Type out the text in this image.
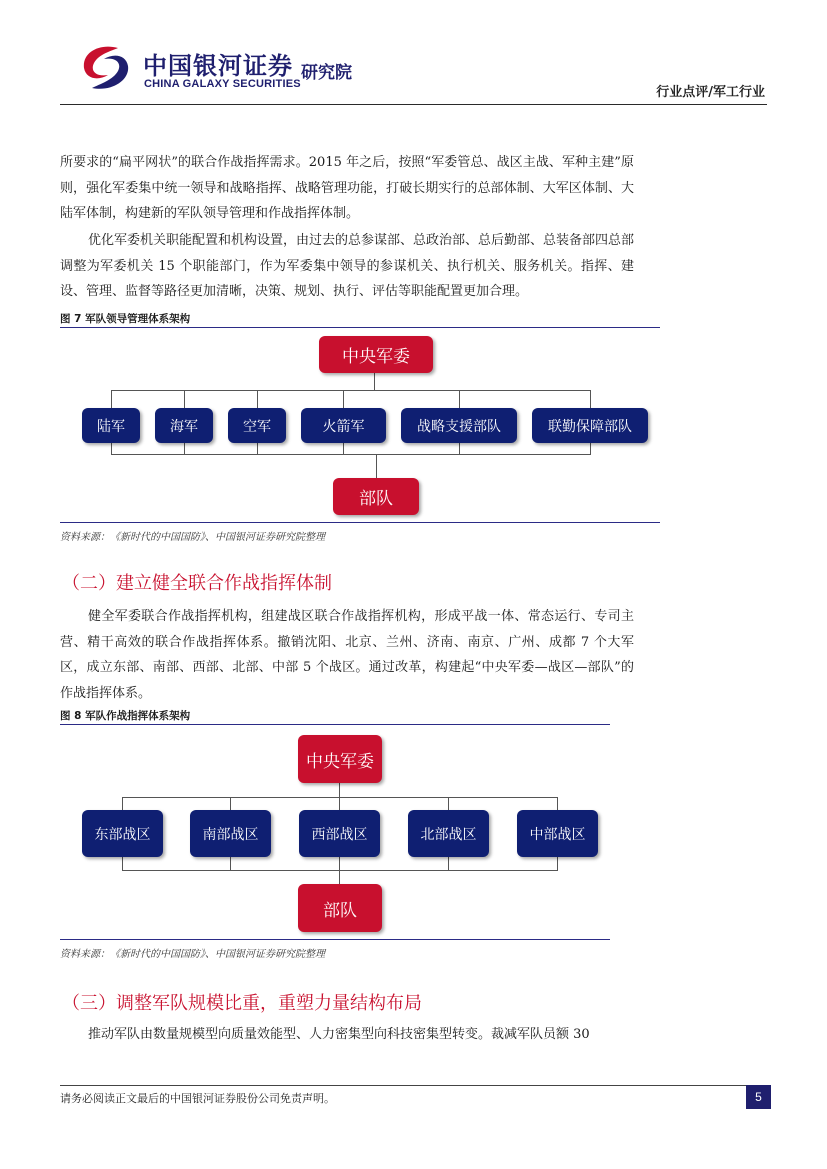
中国银河证券
CHINA GALAXY SECURITIES
研究院
行业点评/军工行业

所要求的“扁平网状”的联合作战指挥需求。2015 年之后，按照“军委管总、战区主战、军种主建”原则，强化军委集中统一领导和战略指挥、战略管理功能，打破长期实行的总部体制、大军区体制、大陆军体制，构建新的军队领导管理和作战指挥体制。

优化军委机关职能配置和机构设置，由过去的总参谋部、总政治部、总后勤部、总装备部四总部调整为军委机关 15 个职能部门，作为军委集中领导的参谋机关、执行机关、服务机关。指挥、建设、管理、监督等路径更加清晰，决策、规划、执行、评估等职能配置更加合理。

图 7 军队领导管理体系架构
中央军委
陆军	海军	空军	火箭军	战略支援部队	联勤保障部队
部队
资料来源：《新时代的中国国防》、中国银河证券研究院整理
（二）建立健全联合作战指挥体制

健全军委联合作战指挥机构，组建战区联合作战指挥机构，形成平战一体、常态运行、专司主营、精干高效的联合作战指挥体系。撤销沈阳、北京、兰州、济南、南京、广州、成都 7 个大军区，成立东部、南部、西部、北部、中部 5 个战区。通过改革，构建起“中央军委—战区—部队”的作战指挥体系。

图 8 军队作战指挥体系架构
中央军委
东部战区	南部战区	西部战区	北部战区	中部战区
部队
资料来源：《新时代的中国国防》、中国银河证券研究院整理
（三）调整军队规模比重，重塑力量结构布局

推动军队由数量规模型向质量效能型、人力密集型向科技密集型转变。裁减军队员额 30

请务必阅读正文最后的中国银河证券股份公司免责声明。	5
